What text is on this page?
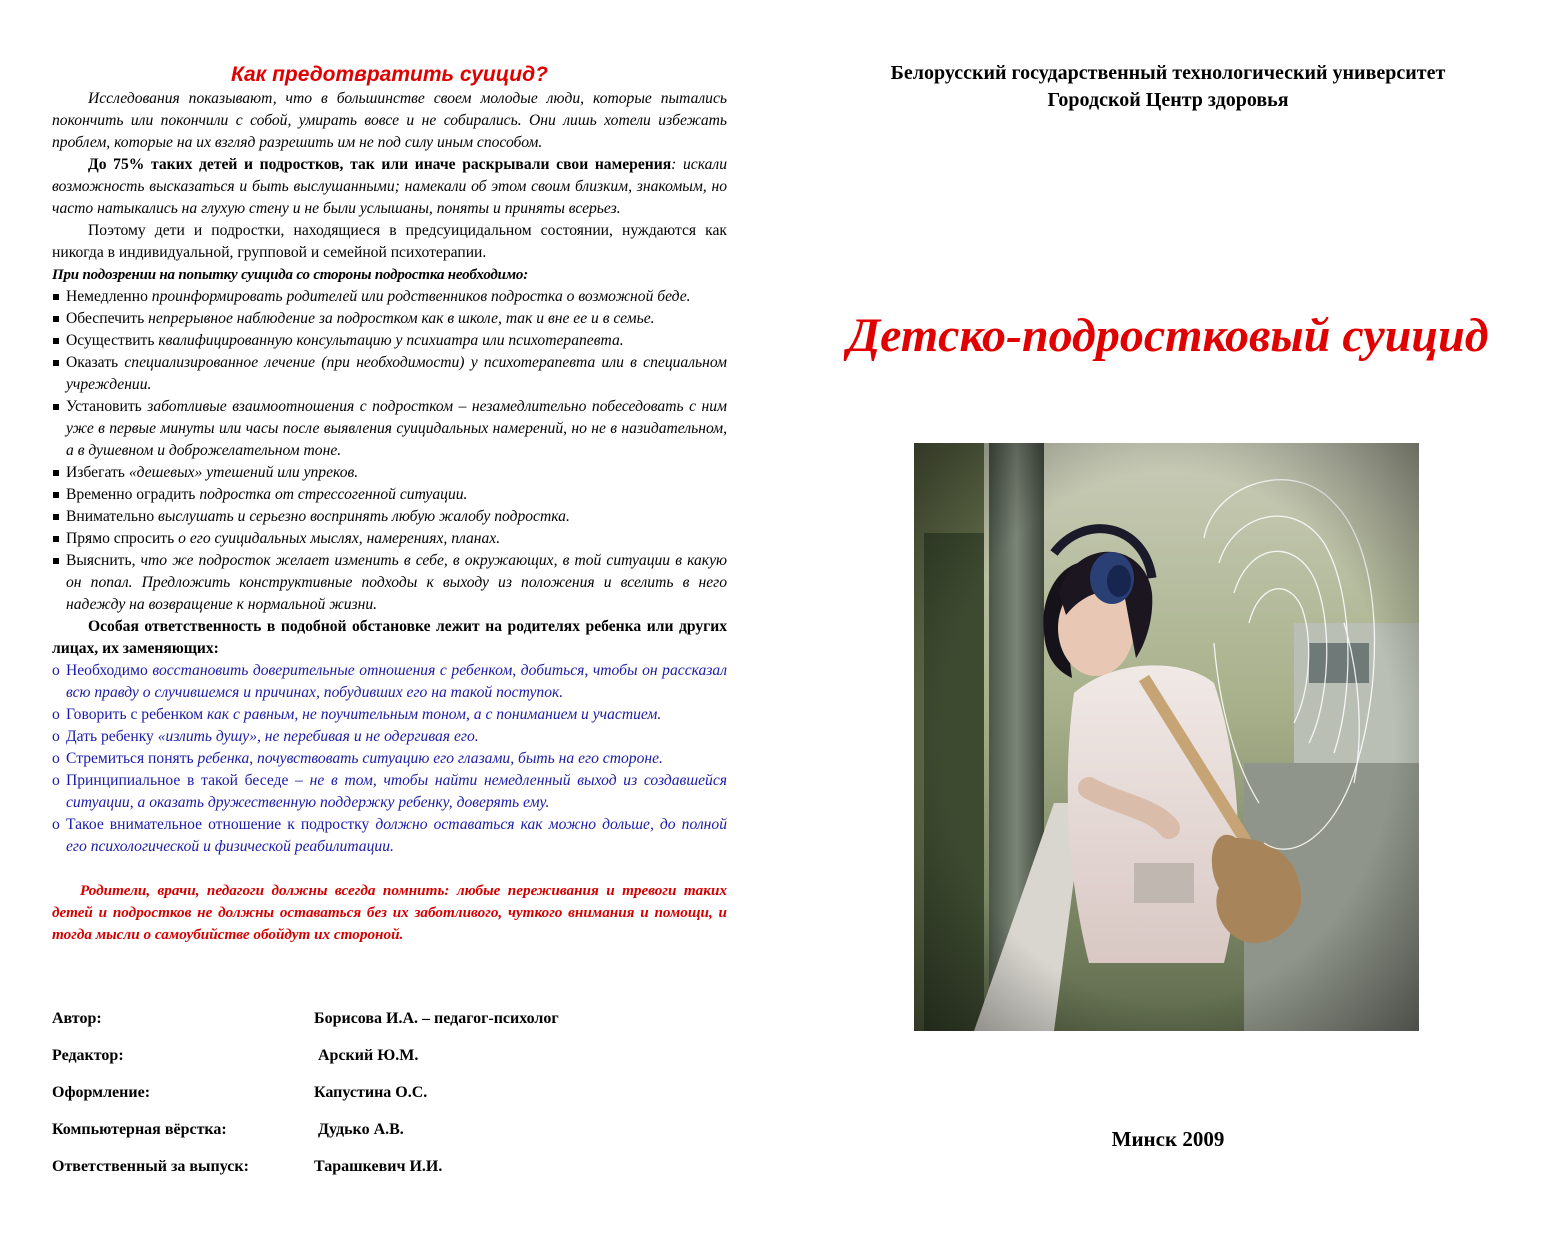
Как предотвратить суицид?

Исследования показывают, что в большинстве своем молодые люди, которые пытались покончить или покончили с собой, умирать вовсе и не собирались. Они лишь хотели избежать проблем, которые на их взгляд разрешить им не под силу иным способом.

До 75% таких детей и подростков, так или иначе раскрывали свои намерения: искали возможность высказаться и быть выслушанными; намекали об этом своим близким, знакомым, но часто натыкались на глухую стену и не были услышаны, поняты и приняты всерьез.

Поэтому дети и подростки, находящиеся в предсуицидальном состоянии, нуждаются как никогда в индивидуальной, групповой и семейной психотерапии.

При подозрении на попытку суицида со стороны подростка необходимо:

Немедленно проинформировать родителей или родственников подростка о возможной беде.
Обеспечить непрерывное наблюдение за подростком как в школе, так и вне ее и в семье.
Осуществить квалифицированную консультацию у психиатра или психотерапевта.
Оказать специализированное лечение (при необходимости) у психотерапевта или в специальном учреждении.
Установить заботливые взаимоотношения с подростком – незамедлительно побеседовать с ним уже в первые минуты или часы после выявления суицидальных намерений, но не в назидательном, а в душевном и доброжелательном тоне.
Избегать «дешевых» утешений или упреков.
Временно оградить подростка от стрессогенной ситуации.
Внимательно выслушать и серьезно воспринять любую жалобу подростка.
Прямо спросить о его суицидальных мыслях, намерениях, планах.
Выяснить, что же подросток желает изменить в себе, в окружающих, в той ситуации в какую он попал. Предложить конструктивные подходы к выходу из положения и вселить в него надежду на возвращение к нормальной жизни.

Особая ответственность в подобной обстановке лежит на родителях ребенка или других лицах, их заменяющих:

o Необходимо восстановить доверительные отношения с ребенком, добиться, чтобы он рассказал всю правду о случившемся и причинах, побудивших его на такой поступок.
o Говорить с ребенком как с равным, не поучительным тоном, а с пониманием и участием.
o Дать ребенку «излить душу», не перебивая и не одергивая его.
o Стремиться понять ребенка, почувствовать ситуацию его глазами, быть на его стороне.
o Принципиальное в такой беседе – не в том, чтобы найти немедленный выход из создавшейся ситуации, а оказать дружественную поддержку ребенку, доверять ему.
o Такое внимательное отношение к подростку должно оставаться как можно дольше, до полной его психологической и физической реабилитации.

Родители, врачи, педагоги должны всегда помнить: любые переживания и тревоги таких детей и подростков не должны оставаться без их заботливого, чуткого внимания и помощи, и тогда мысли о самоубийстве обойдут их стороной.

Автор:	Борисова И.А. – педагог-психолог
Редактор:	Арский Ю.М.
Оформление:	Капустина О.С.
Компьютерная вёрстка:	Дудько А.В.
Ответственный за выпуск:	Тарашкевич И.И.
Белорусский государственный технологический университет
Городской Центр здоровья
Детско-подростковый суицид
Минск 2009
